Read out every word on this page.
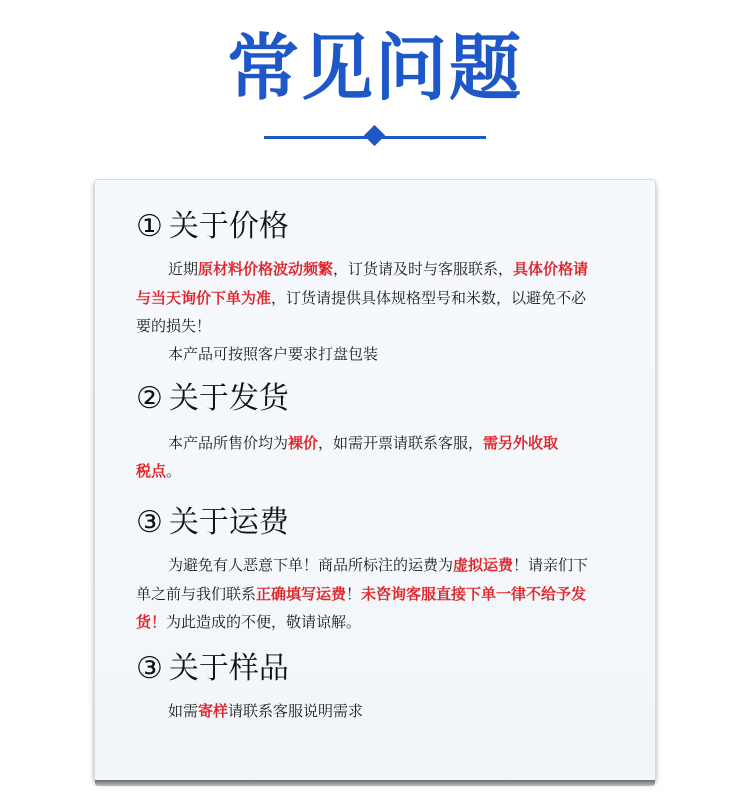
常见问题
① 关于价格
近期原材料价格波动频繁，订货请及时与客服联系，具体价格请
与当天询价下单为准，订货请提供具体规格型号和米数，以避免不必
要的损失！
本产品可按照客户要求打盘包装
② 关于发货
本产品所售价均为裸价，如需开票请联系客服，需另外收取
税点。
③ 关于运费
为避免有人恶意下单！商品所标注的运费为虚拟运费！请亲们下
单之前与我们联系正确填写运费！未咨询客服直接下单一律不给予发
货！为此造成的不便，敬请谅解。
③ 关于样品
如需寄样请联系客服说明需求
